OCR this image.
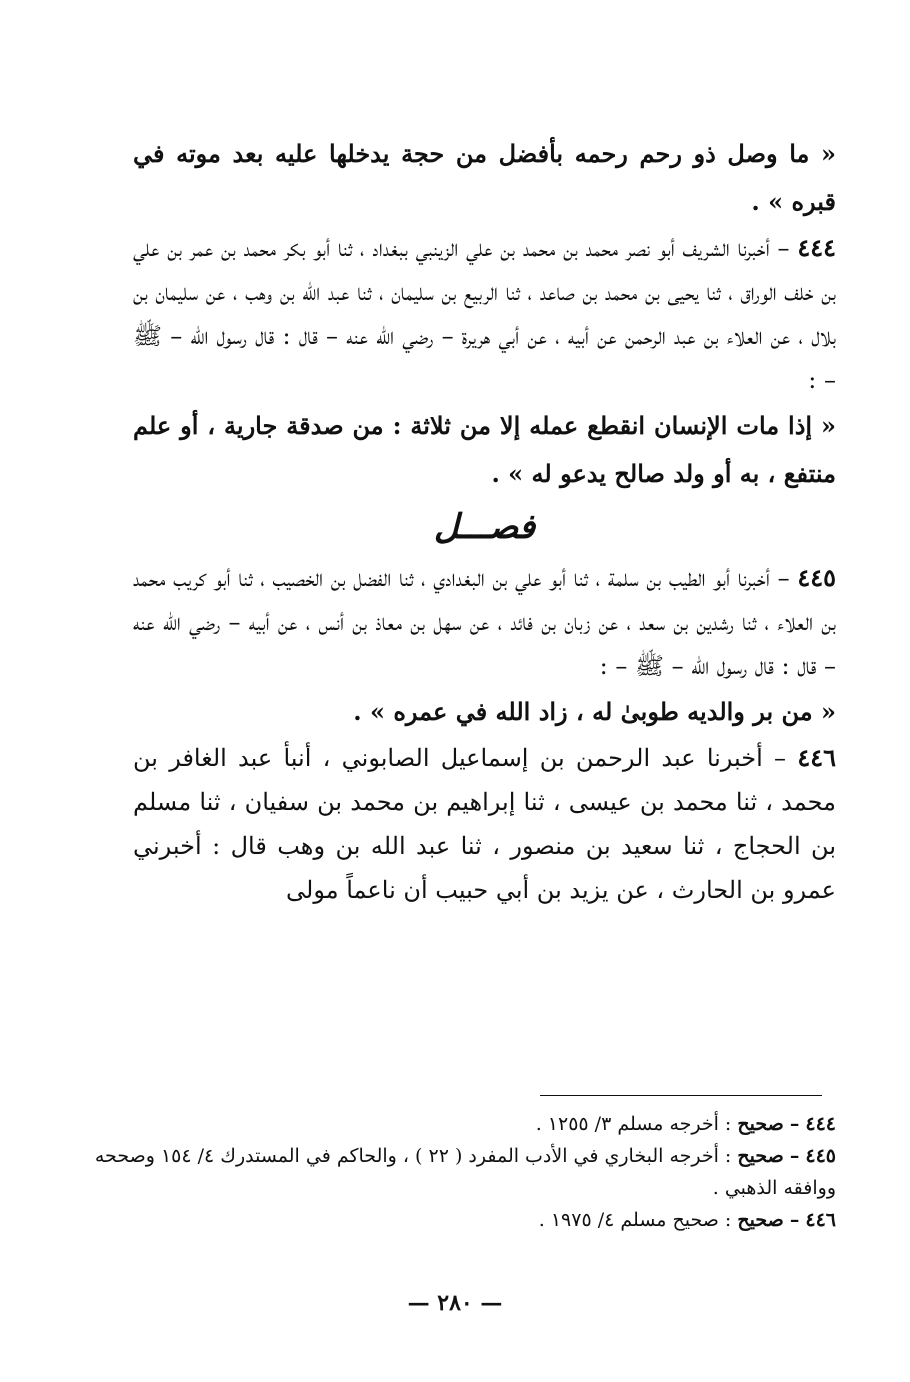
« ما وصل ذو رحم رحمه بأفضل من حجة يدخلها عليه بعد موته في قبره » .

٤٤٤ – أخبرنا الشريف أبو نصر محمد بن محمد بن علي الزينبي ببغداد ، ثنا أبو بكر محمد بن عمر بن علي بن خلف الوراق ، ثنا يحيى بن محمد بن صاعد ، ثنا الربيع بن سليمان ، ثنا عبد الله بن وهب ، عن سليمان بن بلال ، عن العلاء بن عبد الرحمن عن أبيه ، عن أبي هريرة – رضي الله عنه – قال : قال رسول الله – ﷺ – :

« إذا مات الإنسان انقطع عمله إلا من ثلاثة : من صدقة جارية ، أو علم منتفع ، به أو ولد صالح يدعو له » .

فصـــل

٤٤٥ – أخبرنا أبو الطيب بن سلمة ، ثنا أبو علي بن البغدادي ، ثنا الفضل بن الخصيب ، ثنا أبو كريب محمد بن العلاء ، ثنا رشدين بن سعد ، عن زبان بن فائد ، عن سهل بن معاذ بن أنس ، عن أبيه – رضي الله عنه – قال : قال رسول الله – ﷺ – :

« من بر والديه طوبىٰ له ، زاد الله في عمره » .

٤٤٦ – أخبرنا عبد الرحمن بن إسماعيل الصابوني ، أنبأ عبد الغافر بن محمد ، ثنا محمد بن عيسى ، ثنا إبراهيم بن محمد بن سفيان ، ثنا مسلم بن الحجاج ، ثنا سعيد بن منصور ، ثنا عبد الله بن وهب قال : أخبرني عمرو بن الحارث ، عن يزيد بن أبي حبيب أن ناعماً مولى

٤٤٤ – صحيح : أخرجه مسلم ٣/ ١٢٥٥ .

٤٤٥ – صحيح : أخرجه البخاري في الأدب المفرد ( ٢٢ ) ، والحاكم في المستدرك ٤/ ١٥٤ وصححه ووافقه الذهبي .

٤٤٦ – صحيح : صحيح مسلم ٤/ ١٩٧٥ .

— ٢٨٠ —
